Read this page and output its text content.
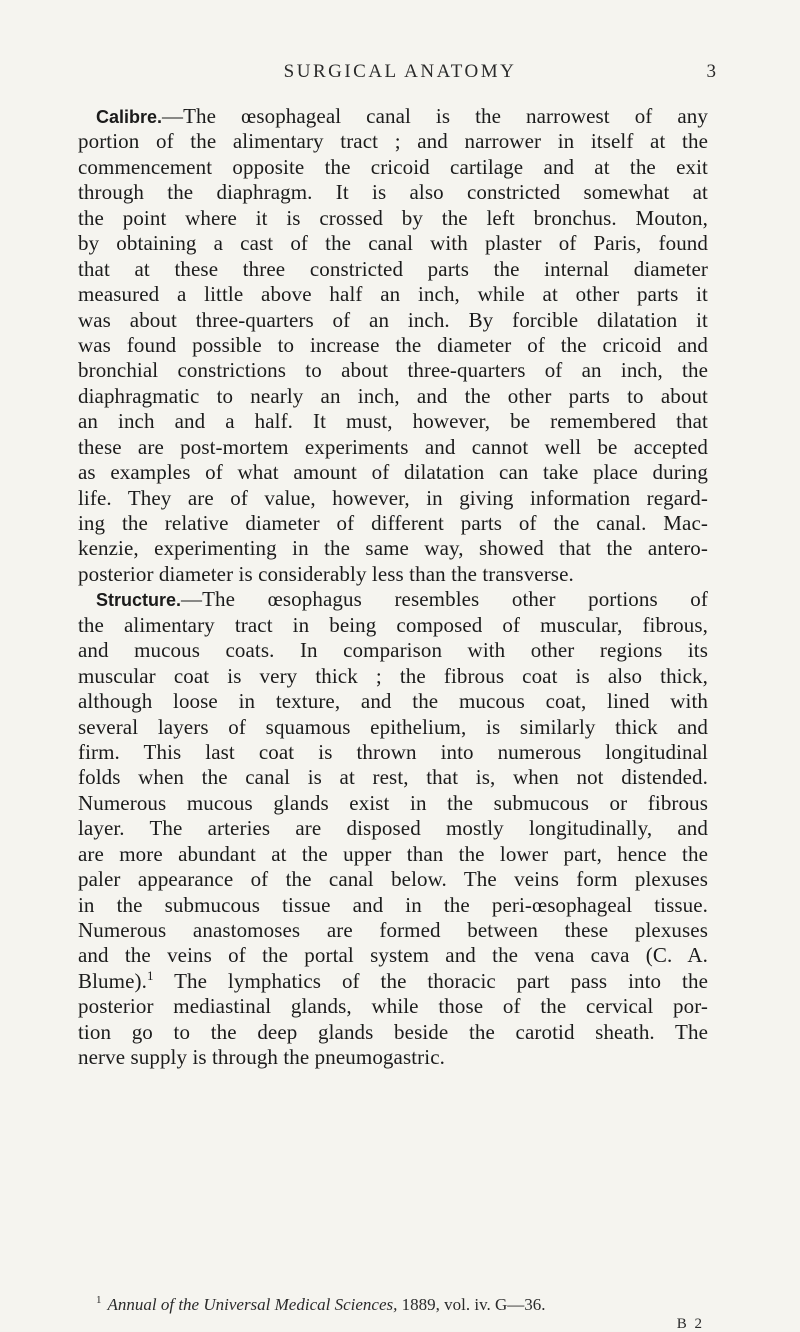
SURGICAL ANATOMY	3
Calibre.—The œsophageal canal is the narrowest of any
portion of the alimentary tract ; and narrower in itself at the
commencement opposite the cricoid cartilage and at the exit
through the diaphragm. It is also constricted somewhat at
the point where it is crossed by the left bronchus. Mouton,
by obtaining a cast of the canal with plaster of Paris, found
that at these three constricted parts the internal diameter
measured a little above half an inch, while at other parts it
was about three-quarters of an inch. By forcible dilatation it
was found possible to increase the diameter of the cricoid and
bronchial constrictions to about three-quarters of an inch, the
diaphragmatic to nearly an inch, and the other parts to about
an inch and a half. It must, however, be remembered that
these are post-mortem experiments and cannot well be accepted
as examples of what amount of dilatation can take place during
life. They are of value, however, in giving information regard-
ing the relative diameter of different parts of the canal. Mac-
kenzie, experimenting in the same way, showed that the antero-
posterior diameter is considerably less than the transverse.
Structure.—The œsophagus resembles other portions of
the alimentary tract in being composed of muscular, fibrous,
and mucous coats. In comparison with other regions its
muscular coat is very thick ; the fibrous coat is also thick,
although loose in texture, and the mucous coat, lined with
several layers of squamous epithelium, is similarly thick and
firm. This last coat is thrown into numerous longitudinal
folds when the canal is at rest, that is, when not distended.
Numerous mucous glands exist in the submucous or fibrous
layer. The arteries are disposed mostly longitudinally, and
are more abundant at the upper than the lower part, hence the
paler appearance of the canal below. The veins form plexuses
in the submucous tissue and in the peri-œsophageal tissue.
Numerous anastomoses are formed between these plexuses
and the veins of the portal system and the vena cava (C. A.
Blume).$^1$ The lymphatics of the thoracic part pass into the
posterior mediastinal glands, while those of the cervical por-
tion go to the deep glands beside the carotid sheath. The
nerve supply is through the pneumogastric.
$^1$ Annual of the Universal Medical Sciences, 1889, vol. iv. G—36.
B 2
